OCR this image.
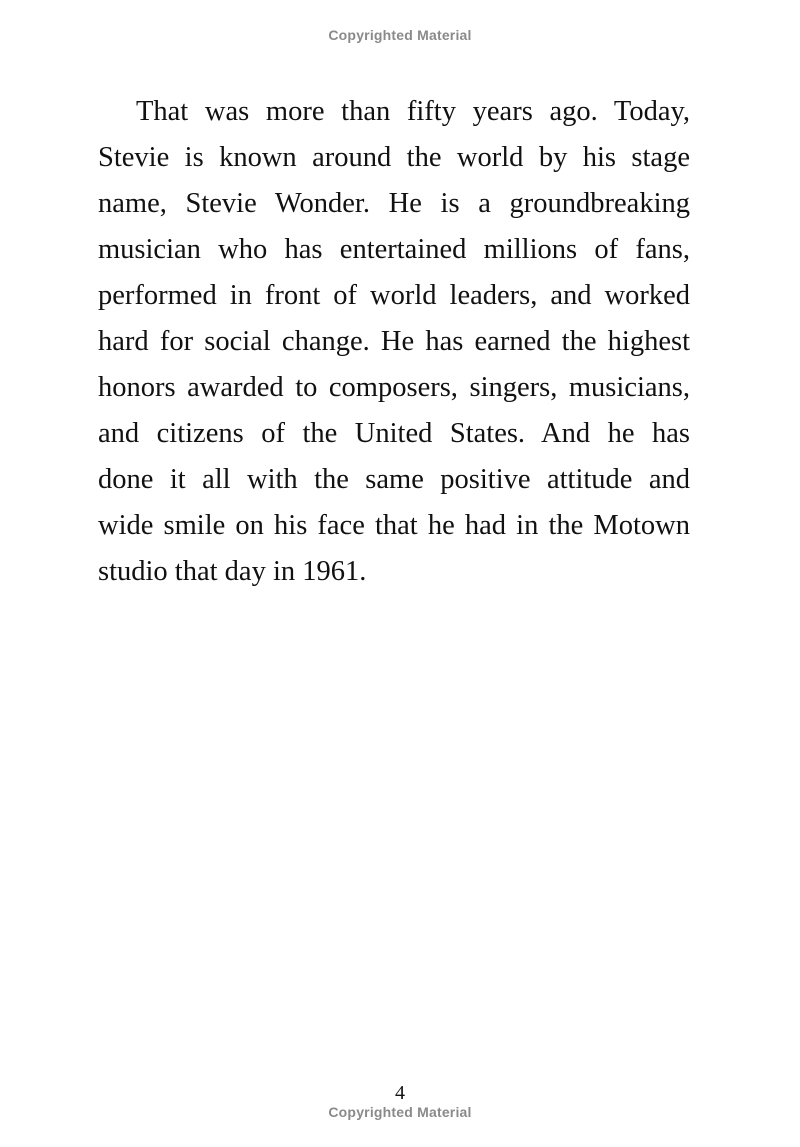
Copyrighted Material
That was more than fifty years ago. Today,
Stevie is known around the world by his stage
name, Stevie Wonder. He is a groundbreaking
musician who has entertained millions of fans,
performed in front of world leaders, and worked
hard for social change. He has earned the highest
honors awarded to composers, singers, musicians,
and citizens of the United States. And he has
done it all with the same positive attitude and
wide smile on his face that he had in the Motown
studio that day in 1961.
4
Copyrighted Material
